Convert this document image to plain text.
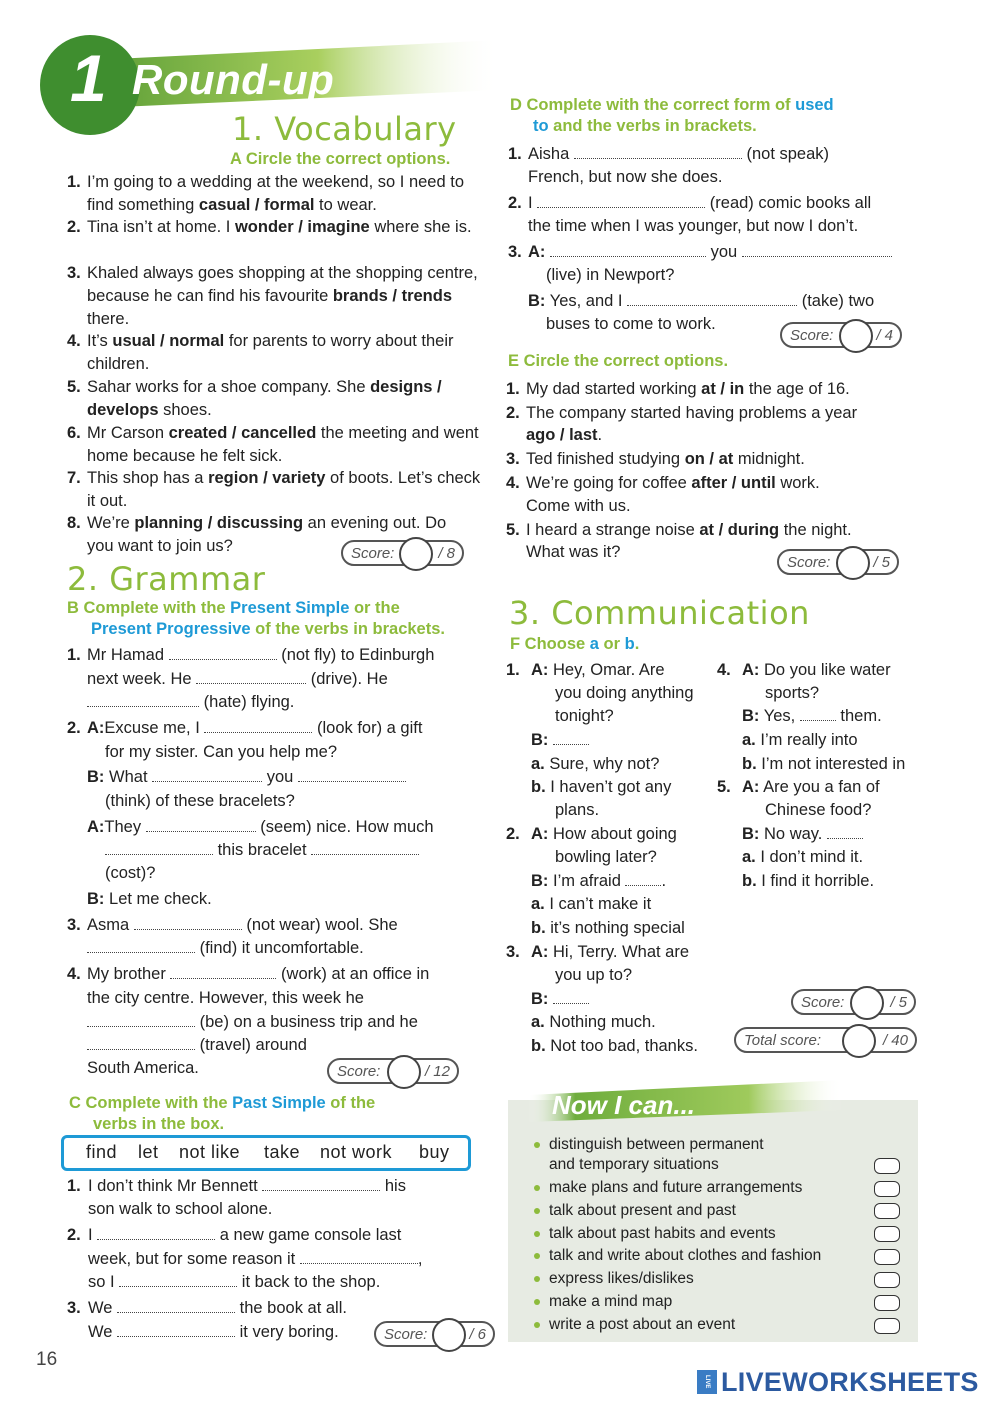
1 Round-up
1. Vocabulary
A Circle the correct options.
1. I’m going to a wedding at the weekend, so I need to find something casual / formal to wear.
2. Tina isn’t at home. I wonder / imagine where she is.
3. Khaled always goes shopping at the shopping centre, because he can find his favourite brands / trends there.
4. It’s usual / normal for parents to worry about their children.
5. Sahar works for a shoe company. She designs / develops shoes.
6. Mr Carson created / cancelled the meeting and went home because he felt sick.
7. This shop has a region / variety of boots. Let’s check it out.
8. We’re planning / discussing an evening out. Do you want to join us?	Score:	/ 8
2. Grammar
B Complete with the Present Simple or the
Present Progressive of the verbs in brackets.
1. Mr Hamad	(not fly) to Edinburgh
next week. He	(drive). He
(hate) flying.
2. A:Excuse me, I	(look for) a gift
for my sister. Can you help me?
B: What	you
(think) of these bracelets?
A:They	(seem) nice. How much
this bracelet
(cost)?
B: Let me check.
3. Asma	(not wear) wool. She
(find) it uncomfortable.
4. My brother	(work) at an office in
the city centre. However, this week he
(be) on a business trip and he
(travel) around
South America.	Score:	/ 12
C Complete with the Past Simple of the
verbs in the box.
find let not like take not work buy
1. I don’t think Mr Bennett	his
son walk to school alone.
2. I	a new game console last
week, but for some reason it	,
so I	it back to the shop.
3. We	the book at all.
We	it very boring.	Score:	/ 6
D Complete with the correct form of used
to and the verbs in brackets.
1. Aisha	(not speak)
French, but now she does.
2. I	(read) comic books all
the time when I was younger, but now I don’t.
3. A:	you
(live) in Newport?
B: Yes, and I	(take) two
buses to come to work.
Score:	/ 4
E Circle the correct options.
1. My dad started working at / in the age of 16.
2. The company started having problems a year
ago / last.
3. Ted finished studying on / at midnight.
4. We’re going for coffee after / until work.
Come with us.
5. I heard a strange noise at / during the night.
What was it?
Score:	/ 5
3. Communication
F Choose a or b.
1. A: Hey, Omar. Are
you doing anything
tonight?
B:
a. Sure, why not?
b. I haven’t got any
plans.
2. A: How about going
bowling later?
B: I’m afraid .
a. I can’t make it
b. it’s nothing special
3. A: Hi, Terry. What are
you up to?
B:
a. Nothing much.
b. Not too bad, thanks.
4. A: Do you like water
sports?
B: Yes,	them.
a. I’m really into
b. I’m not interested in
5. A: Are you a fan of
Chinese food?
B: No way.
a. I don’t mind it.
b. I find it horrible.
Score:	/ 5
Total score:	/ 40
Now I can...
distinguish between permanent
and temporary situations
make plans and future arrangements
talk about present and past
talk about past habits and events
talk and write about clothes and fashion
express likes/dislikes
make a mind map
write a post about an event
16
LIVE LIVEWORKSHEETS
